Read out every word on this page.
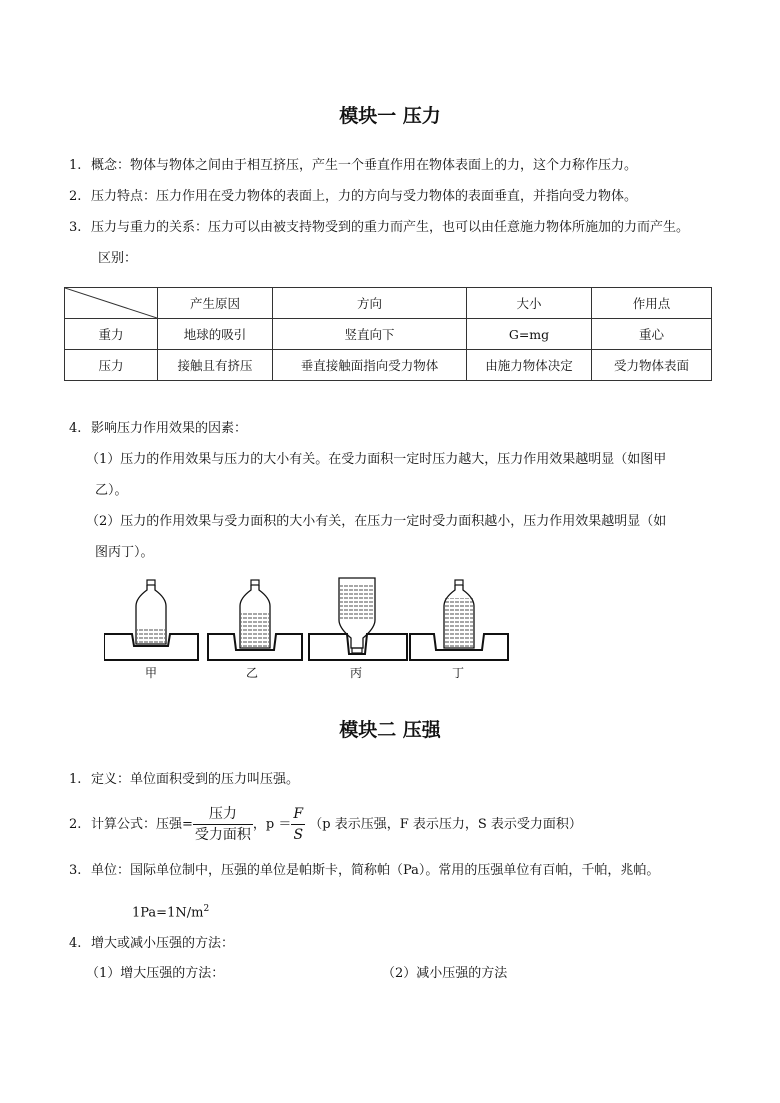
模块一 压力
1. 概念：物体与物体之间由于相互挤压，产生一个垂直作用在物体表面上的力，这个力称作压力。
2. 压力特点：压力作用在受力物体的表面上，力的方向与受力物体的表面垂直，并指向受力物体。
3. 压力与重力的关系：压力可以由被支持物受到的重力而产生，也可以由任意施力物体所施加的力而产生。
区别：
	产生原因	方向	大小	作用点
重力	地球的吸引	竖直向下	G=mg	重心
压力	接触且有挤压	垂直接触面指向受力物体	由施力物体决定	受力物体表面
4. 影响压力作用效果的因素：
（1）压力的作用效果与压力的大小有关。在受力面积一定时压力越大，压力作用效果越明显（如图甲
乙）。
（2）压力的作用效果与受力面积的大小有关，在压力一定时受力面积越小，压力作用效果越明显（如
图丙丁）。
甲	乙	丙	丁
模块二 压强
1. 定义：单位面积受到的压力叫压强。
2. 计算公式：压强= $\frac{\text{压力}}{\text{受力面积}}$ ，$p = \frac{F}{S} (p$ 表示压强，F 表示压力，S 表示受力面积）
3. 单位：国际单位制中，压强的单位是帕斯卡，简称帕（Pa）。常用的压强单位有百帕，千帕，兆帕。
$1Pa=1N/m^2$
4. 增大或减小压强的方法：
（1）增大压强的方法：	（2）减小压强的方法
